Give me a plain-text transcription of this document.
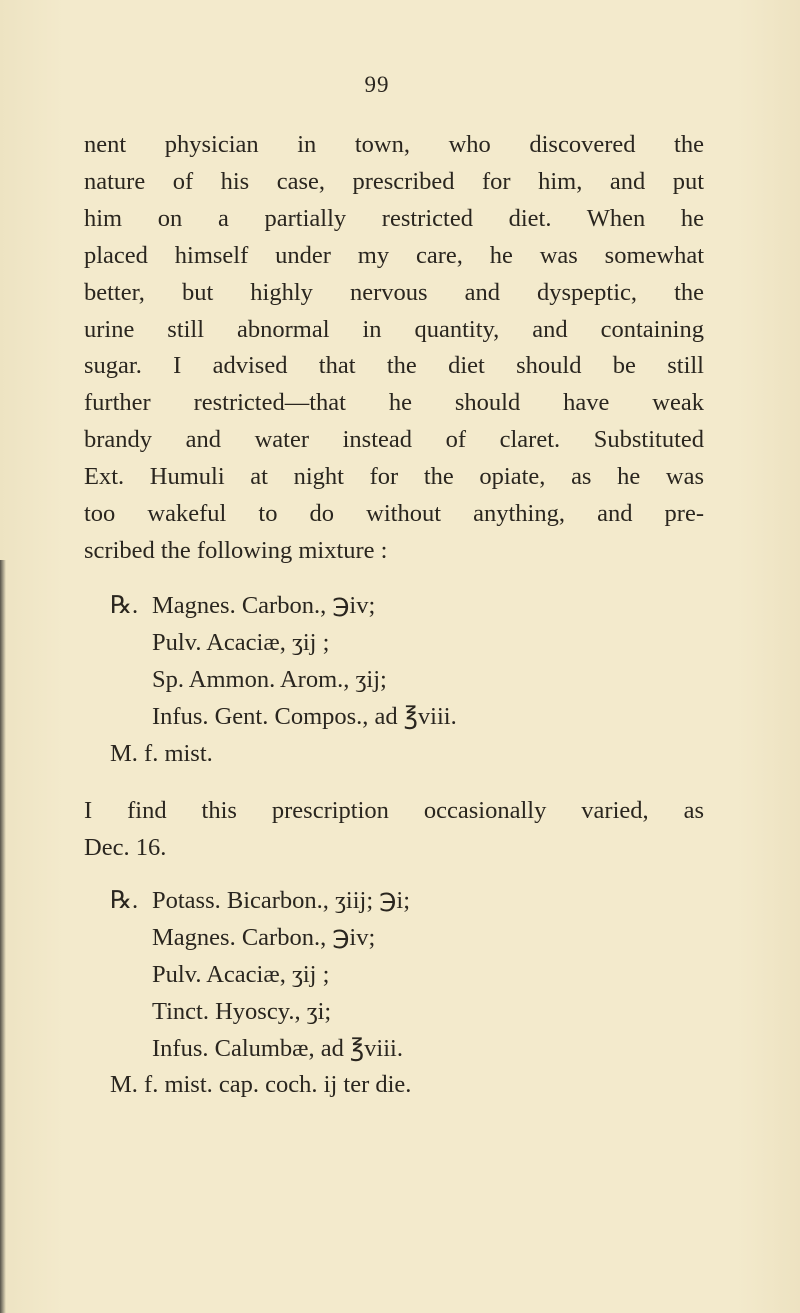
99
nent physician in town, who discovered the
nature of his case, prescribed for him, and put
him on a partially restricted diet. When he
placed himself under my care, he was somewhat
better, but highly nervous and dyspeptic, the
urine still abnormal in quantity, and containing
sugar. I advised that the diet should be still
further restricted—that he should have weak
brandy and water instead of claret. Substituted
Ext. Humuli at night for the opiate, as he was
too wakeful to do without anything, and pre-
scribed the following mixture :
℞. Magnes. Carbon., ℈iv;
Pulv. Acaciæ, ʒij ;
Sp. Ammon. Arom., ʒij;
Infus. Gent. Compos., ad ℥viii.
M. f. mist.
I find this prescription occasionally varied, as
Dec. 16.
℞. Potass. Bicarbon., ʒiij; ℈i;
Magnes. Carbon., ℈iv;
Pulv. Acaciæ, ʒij ;
Tinct. Hyoscy., ʒi;
Infus. Calumbæ, ad ℥viii.
M. f. mist. cap. coch. ij ter die.
